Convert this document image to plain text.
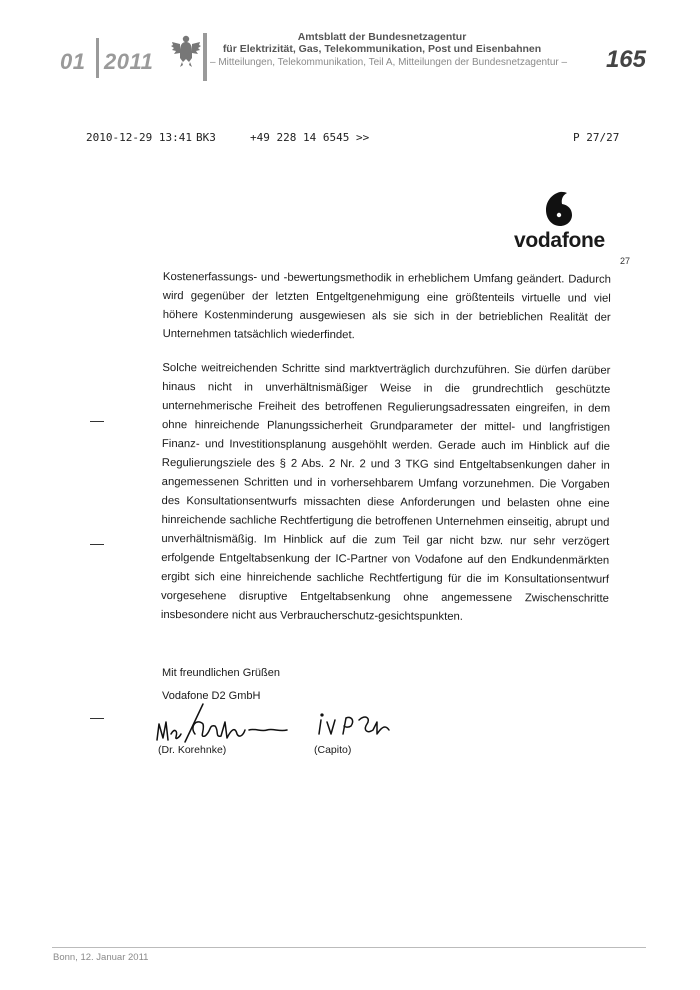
01 2011
Amtsblatt der Bundesnetzagentur
für Elektrizität, Gas, Telekommunikation, Post und Eisenbahnen
– Mitteilungen, Telekommunikation, Teil A, Mitteilungen der Bundesnetzagentur – 165
2010-12-29 13:41 BK3	+49 228 14 6545 >>	P 27/27
vodafone
27

Kostenerfassungs- und -bewertungsmethodik in erheblichem Umfang geändert. Dadurch wird gegenüber der letzten Entgeltgenehmigung eine größtenteils virtuelle und viel höhere Kostenminderung ausgewiesen als sie sich in der betrieblichen Realität der Unternehmen tatsächlich wiederfindet.

Solche weitreichenden Schritte sind marktverträglich durchzuführen. Sie dürfen darüber hinaus nicht in unverhältnismäßiger Weise in die grundrechtlich geschützte unternehmerische Freiheit des betroffenen Regulierungsadressaten eingreifen, in dem ohne hinreichende Planungssicherheit Grundparameter der mittel- und langfristigen Finanz- und Investitionsplanung ausgehöhlt werden. Gerade auch im Hinblick auf die Regulierungsziele des § 2 Abs. 2 Nr. 2 und 3 TKG sind Entgeltabsenkungen daher in angemessenen Schritten und in vorhersehbarem Umfang vorzunehmen. Die Vorgaben des Konsultationsentwurfs missachten diese Anforderungen und belasten ohne eine hinreichende sachliche Rechtfertigung die betroffenen Unternehmen einseitig, abrupt und unverhältnismäßig. Im Hinblick auf die zum Teil gar nicht bzw. nur sehr verzögert erfolgende Entgeltabsenkung der IC-Partner von Vodafone auf den Endkundenmärkten ergibt sich eine hinreichende sachliche Rechtfertigung für die im Konsultationsentwurf vorgesehene disruptive Entgeltabsenkung ohne angemessene Zwischenschritte insbesondere nicht aus Verbraucherschutz-gesichtspunkten.

Mit freundlichen Grüßen
Vodafone D2 GmbH
(Dr. Korehnke)	(Capito)
Bonn, 12. Januar 2011
